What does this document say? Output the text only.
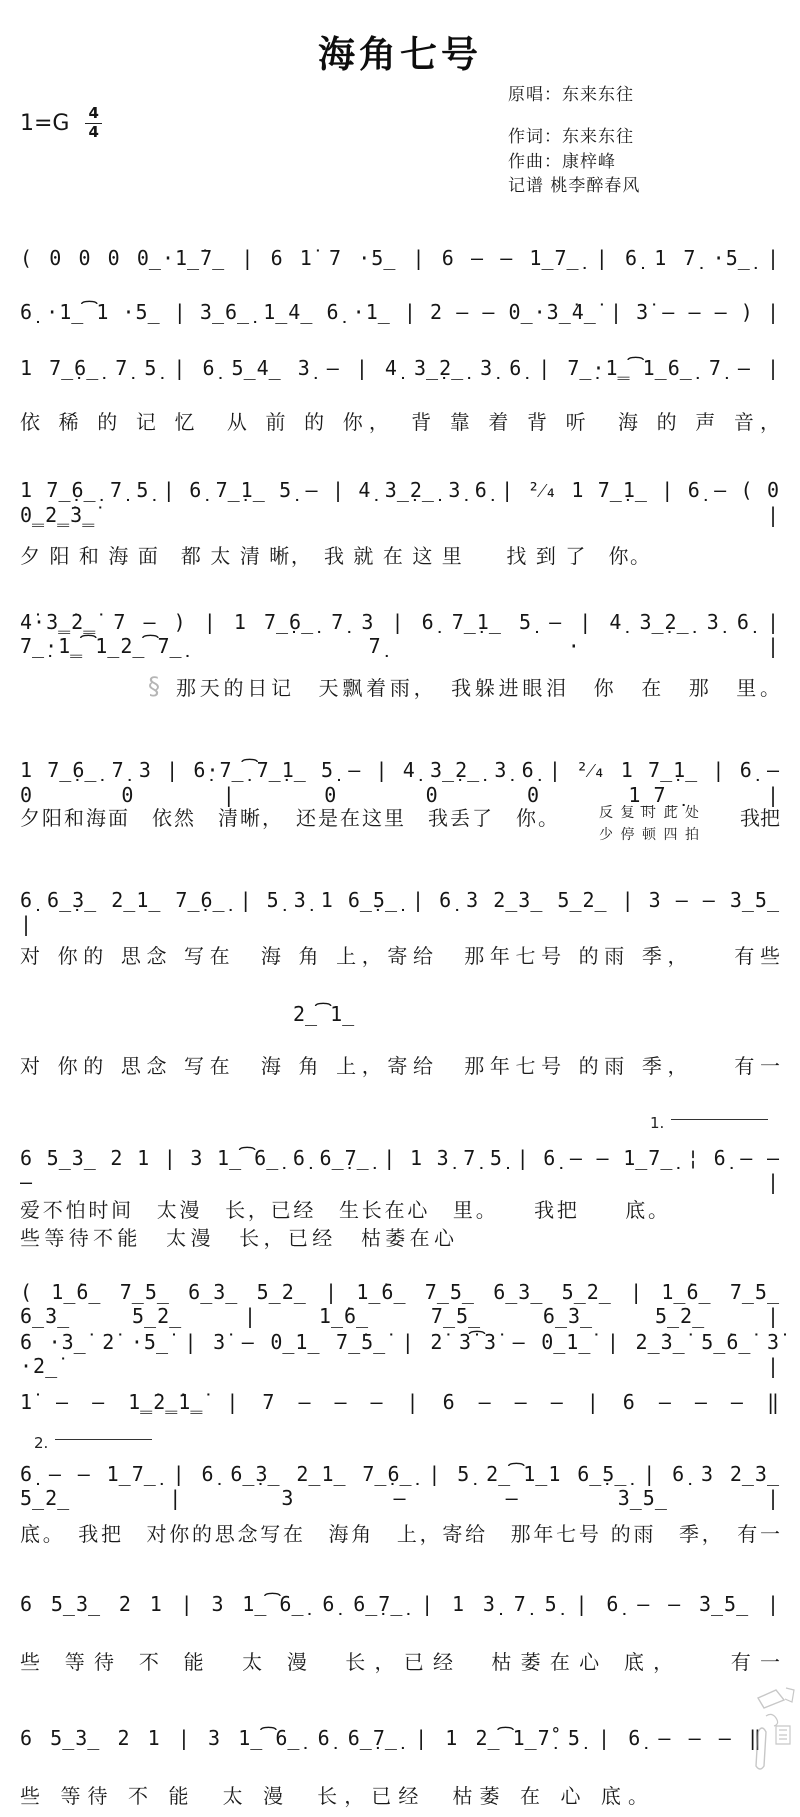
海角七号
原唱：东来东往
作词：东来东往
作曲：康梓峰
记谱 桃李醉春风
$1=G \frac{4}{4}$
( 0 0 0 0̲·1̲̇7̲ | 6 1̇ 7 ·5̲ | 6 – – 1̲7̲̣ | 6̣ 1 7̣ ·5̲̣ |
6̣ ·1̲͡1 ·5̲ | 3̲6̲̣ 1̲4̲ 6̣ ·1̲ | 2 – – 0̲·3̲̇4̲̇ | 3̇ – – – ) |
1 7̲̣6̲̣ 7̣ 5̣ | 6̣ 5̲4̲ 3̣ – | 4̣ 3̲̣2̲̣ 3̣ 6̣ | 7̲̣·1̳͡1̲6̲̣ 7̣ – |
依 稀 的 记 忆　从 前 的 你，　背 靠 着 背 听　海 的 声 音，
1 7̲̣6̲̣ 7̣ 5̣ | 6̣ 7̲̣1̲ 5̣ – | 4̣ 3̲̣2̲̣ 3̣ 6̣ | ²⁄₄ 1 7̲̣1̲ | 6̣ – ( 0 0̳2̳̇3̳̇ |
夕 阳 和 海 面　都 太 清 晰，　我 就 在 这 里　　找 到 了　你。
4̇·3̳̇2̳̇ 7 – ) | 1 7̲̣6̲̣ 7̣ 3 | 6̣ 7̲̣1̲ 5̣ – | 4̣ 3̲̣2̲̣ 3̣ 6̣ | 7̲̣·1̳͡1̲2̲͡7̲̣ 7̣ · |
§ 那天的日记　天飘着雨，　我躲进眼泪　你　在　那　里。
1 7̲̣6̲̣ 7̣ 3 | 6̣·7̲̣͡7̲̣1̲ 5̣ – | 4̣ 3̲̣2̲̣ 3̣ 6̣ | ²⁄₄ 1 7̲̣1̲ | 6̣ – 0 0 | 0 0 0 1̲7̲̣ |
夕阳和海面　依然　清晰，　还是在这里　我丢了　你。	反复时此处
少停顿四拍
我把
6̣ 6̲̣3̲ 2̲1̲ 7̲̣6̲̣ | 5̣ 3̣ 1 6̲̣5̲̣ | 6̣ 3 2̲3̲ 5̲2̲ | 3 – – 3̲5̲ |
对 你的 思念 写在　海 角 上，寄给　那年七号 的雨 季，　　有些
2̲͡1̲
对 你的 思念 写在　海 角 上，寄给　那年七号 的雨 季，　　有一
1.
6 5̲3̲ 2 1 | 3 1̲͡6̲̣ 6̣ 6̲̣7̲̣ | 1 3̣ 7̣ 5̣ | 6̣ – – 1̲7̲̣ ¦ 6̣ – – – |
爱不怕时间　太漫　长，已经　生长在心　里。　　我把　　底。
些等待不能　太漫　长，已经　枯萎在心
( 1̲̇6̲ 7̲5̲ 6̲3̲ 5̲2̲ | 1̲̇6̲ 7̲5̲ 6̲3̲ 5̲2̲ | 1̲̇6̲ 7̲5̲ 6̲3̲ 5̲2̲ | 1̲̇6̲ 7̲5̲ 6̲3̲ 5̲2̲ |
6 ·3̲̇ 2̇ ·5̲̇ | 3̇ – 0̲1̲ 7̲̇5̲̇ | 2̇ 3̇͡3̇ – 0̲1̲̇ | 2̲̇3̲̇ 5̲̇6̲̇ 3̇ ·2̲̇ |
1̇ – – 1̳̇2̳̇1̳̇ | 7 – – – | 6 – – – | 6 – – – ‖
2.
6̣ – – 1̲7̲̣ | 6̣ 6̲̣3̲ 2̲1̲ 7̲̣6̲̣ | 5̣ 2̲͡1̲1 6̲̣5̲̣ | 6̣ 3 2̲3̲ 5̲2̲ | 3 – – 3̲5̲ |
底。　我把　对你的思念写在　海角　上，寄给　那年七号 的雨　季，　有一
6 5̲3̲ 2 1 | 3 1̲͡6̲̣ 6̣ 6̲̣7̲̣ | 1 3̣ 7̣ 5̣ | 6̣ – – 3̲5̲ |
些 等待 不 能　太 漫　长，已经　枯萎在心 底，　　有一
6 5̲3̲ 2 1 | 3 1̲͡6̲̣ 6̣ 6̲̣7̲̣ | 1 2̲͡1̲7̣̊ 5̣ | 6̣ – – – ‖
些 等待 不 能　太 漫　长，已经　枯萎 在 心 底。
